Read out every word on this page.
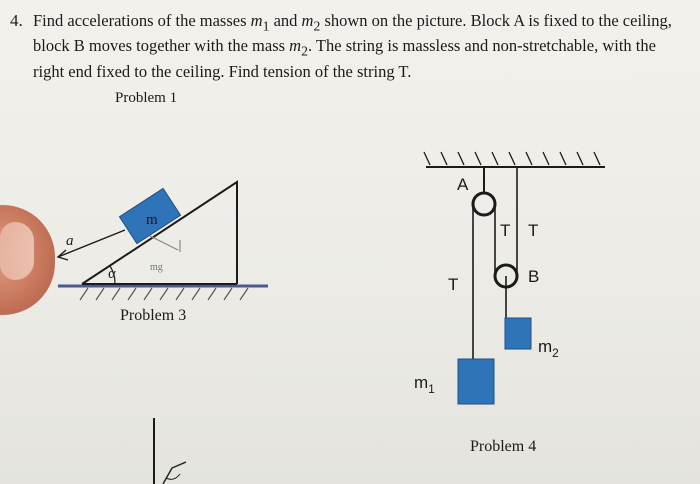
4. Find accelerations of the masses $m_1$ and $m_2$ shown on the picture. Block A is fixed to the ceiling, block B moves together with the mass $m_2$. The string is massless and non-stretchable, with the right end fixed to the ceiling. Find tension of the string T.

Problem 1
m
a
α	mg
A
T T
T	B
$m_2$
$m_1$
Problem 3
Problem 4
